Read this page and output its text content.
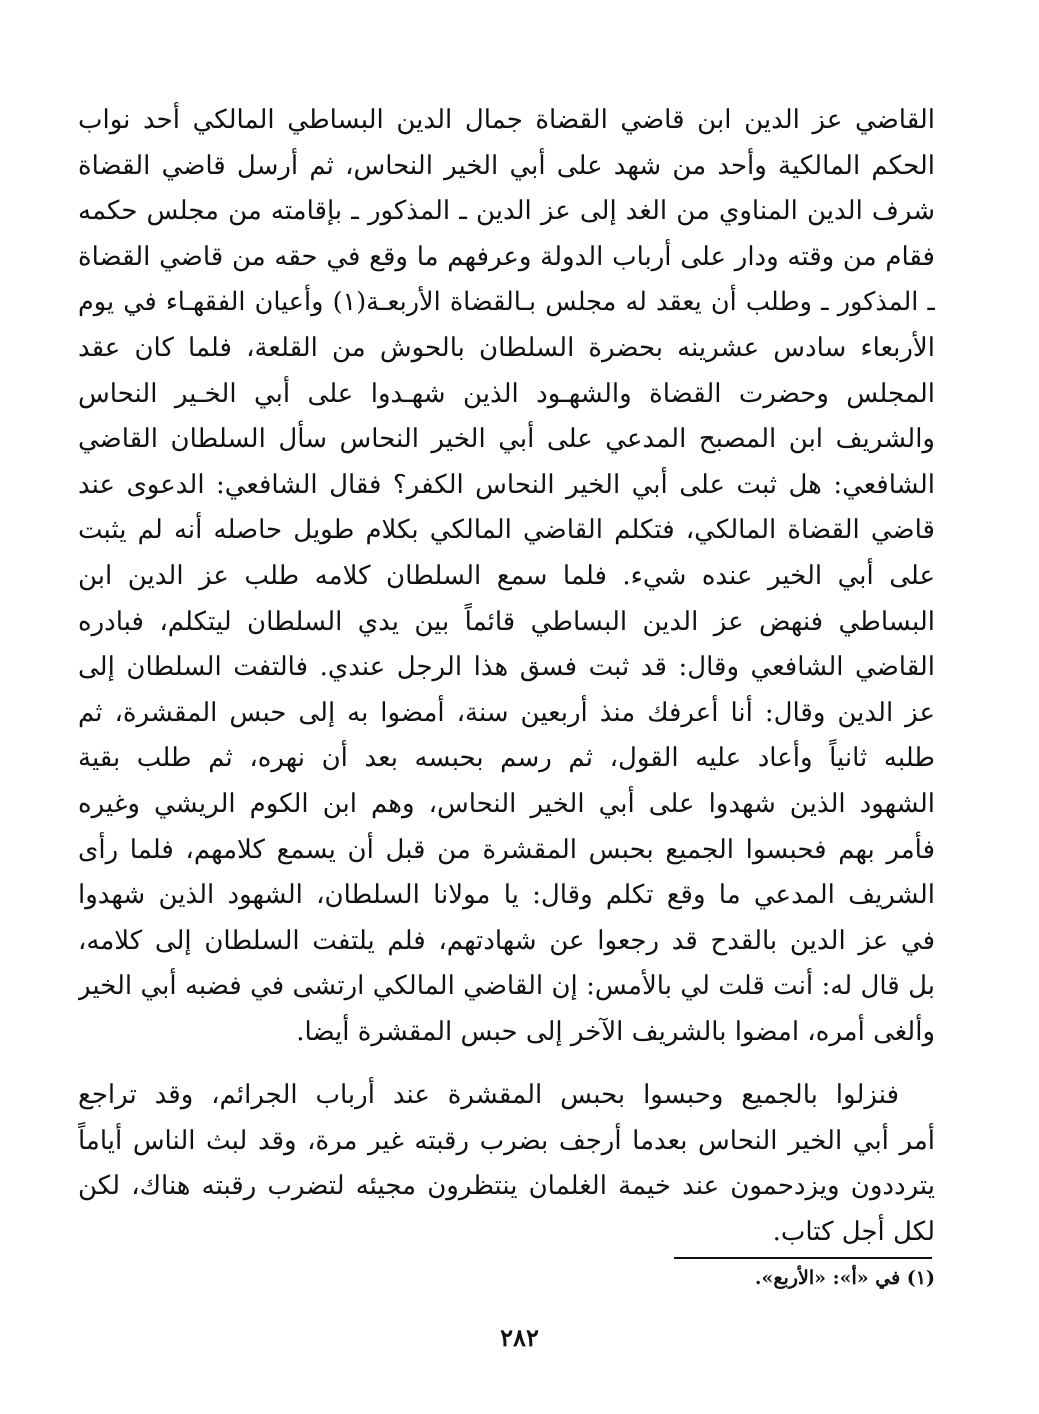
القاضي عز الدين ابن قاضي القضاة جمال الدين البساطي المالكي أحد نواب
الحكم المالكية وأحد من شهد على أبي الخير النحاس، ثم أرسل قاضي القضاة
شرف الدين المناوي من الغد إلى عز الدين ـ المذكور ـ بإقامته من مجلس حكمه
فقام من وقته ودار على أرباب الدولة وعرفهم ما وقع في حقه من قاضي القضاة
ـ المذكور ـ وطلب أن يعقد له مجلس بـالقضاة الأربعـة(١) وأعيان الفقهـاء في يوم
الأربعاء سادس عشرينه بحضرة السلطان بالحوش من القلعة، فلما كان عقد
المجلس وحضرت القضاة والشهـود الذين شهـدوا على أبي الخـير النحاس
والشريف ابن المصبح المدعي على أبي الخير النحاس سأل السلطان القاضي
الشافعي: هل ثبت على أبي الخير النحاس الكفر؟ فقال الشافعي: الدعوى عند
قاضي القضاة المالكي، فتكلم القاضي المالكي بكلام طويل حاصله أنه لم يثبت
على أبي الخير عنده شيء. فلما سمع السلطان كلامه طلب عز الدين ابن
البساطي فنهض عز الدين البساطي قائماً بين يدي السلطان ليتكلم، فبادره
القاضي الشافعي وقال: قد ثبت فسق هذا الرجل عندي. فالتفت السلطان إلى
عز الدين وقال: أنا أعرفك منذ أربعين سنة، أمضوا به إلى حبس المقشرة، ثم
طلبه ثانياً وأعاد عليه القول، ثم رسم بحبسه بعد أن نهره، ثم طلب بقية
الشهود الذين شهدوا على أبي الخير النحاس، وهم ابن الكوم الريشي وغيره
فأمر بهم فحبسوا الجميع بحبس المقشرة من قبل أن يسمع كلامهم، فلما رأى
الشريف المدعي ما وقع تكلم وقال: يا مولانا السلطان، الشهود الذين شهدوا
في عز الدين بالقدح قد رجعوا عن شهادتهم، فلم يلتفت السلطان إلى كلامه،
بل قال له: أنت قلت لي بالأمس: إن القاضي المالكي ارتشى في فضبه أبي الخير
وألغى أمره، امضوا بالشريف الآخر إلى حبس المقشرة أيضا.
فنزلوا بالجميع وحبسوا بحبس المقشرة عند أرباب الجرائم، وقد تراجع
أمر أبي الخير النحاس بعدما أرجف بضرب رقبته غير مرة، وقد لبث الناس أياماً
يترددون ويزدحمون عند خيمة الغلمان ينتظرون مجيئه لتضرب رقبته هناك، لكن
لكل أجل كتاب.
(١) في «أ»: «الأربع».
٢٨٢
